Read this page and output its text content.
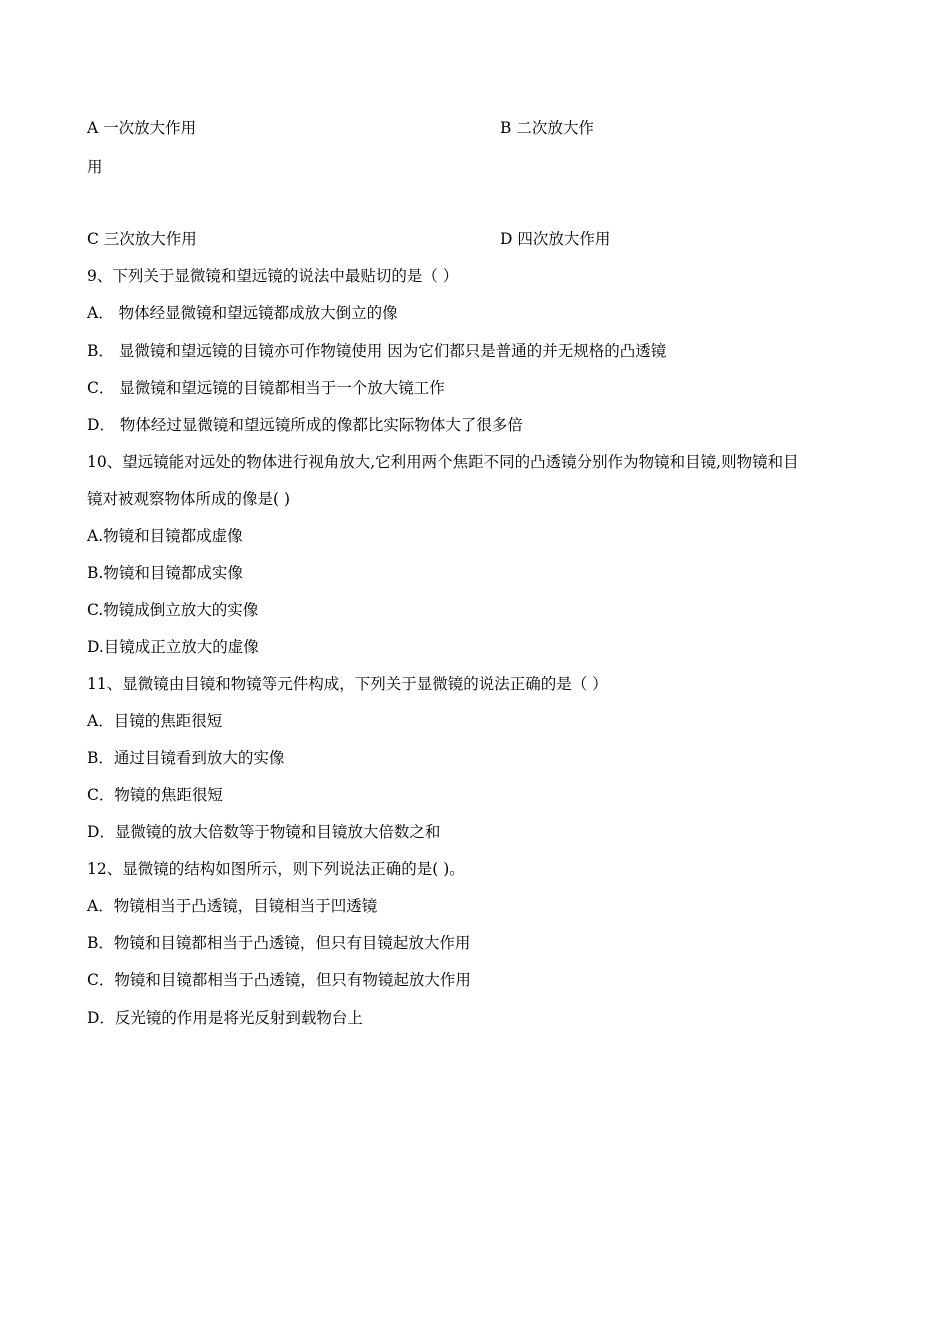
A 一次放大作用	B 二次放大作
用
C 三次放大作用	D 四次放大作用
9、下列关于显微镜和望远镜的说法中最贴切的是（ ）
A． 物体经显微镜和望远镜都成放大倒立的像
B． 显微镜和望远镜的目镜亦可作物镜使用 因为它们都只是普通的并无规格的凸透镜
C． 显微镜和望远镜的目镜都相当于一个放大镜工作
D． 物体经过显微镜和望远镜所成的像都比实际物体大了很多倍
10、望远镜能对远处的物体进行视角放大,它利用两个焦距不同的凸透镜分别作为物镜和目镜,则物镜和目
镜对被观察物体所成的像是( )
A.物镜和目镜都成虚像
B.物镜和目镜都成实像
C.物镜成倒立放大的实像
D.目镜成正立放大的虚像
11、显微镜由目镜和物镜等元件构成，下列关于显微镜的说法正确的是（ ）
A．目镜的焦距很短
B．通过目镜看到放大的实像
C．物镜的焦距很短
D．显微镜的放大倍数等于物镜和目镜放大倍数之和
12、显微镜的结构如图所示，则下列说法正确的是( )。
A．物镜相当于凸透镜，目镜相当于凹透镜
B．物镜和目镜都相当于凸透镜，但只有目镜起放大作用
C．物镜和目镜都相当于凸透镜，但只有物镜起放大作用
D．反光镜的作用是将光反射到载物台上
